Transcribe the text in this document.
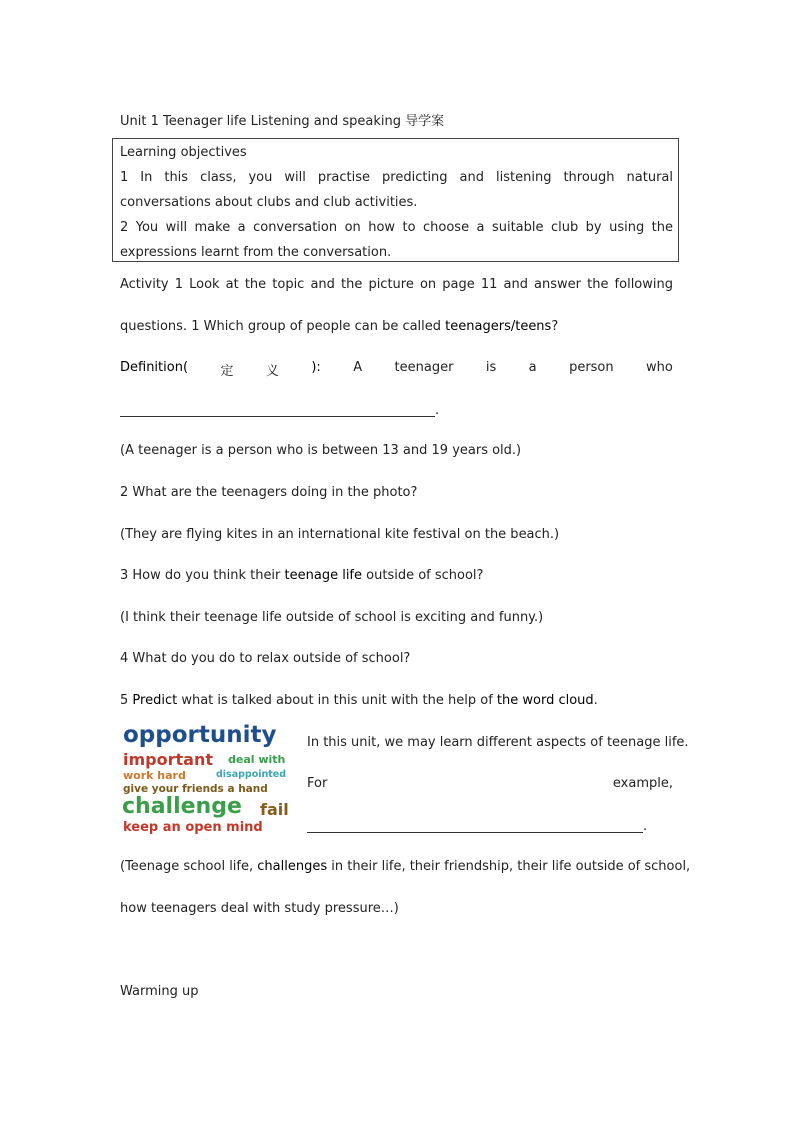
Unit 1 Teenager life Listening and speaking 导学案
Learning objectives
1 In this class, you will practise predicting and listening through natural conversations about clubs and club activities.
2 You will make a conversation on how to choose a suitable club by using the expressions learnt from the conversation.
Activity 1 Look at the topic and the picture on page 11 and answer the following
questions. 1 Which group of people can be called teenagers/teens?
Definition( 定 义 ): A teenager is a person who
.
(A teenager is a person who is between 13 and 19 years old.)
2 What are the teenagers doing in the photo?
(They are flying kites in an international kite festival on the beach.)
3 How do you think their teenage life outside of school?
(I think their teenage life outside of school is exciting and funny.)
4 What do you do to relax outside of school?
5 Predict what is talked about in this unit with the help of the word cloud.
opportunity
important deal with
work hard	disappointed
give your friends a hand
challenge fail
keep an open mind
In this unit, we may learn different aspects of teenage life.
For	example,
.
(Teenage school life, challenges in their life, their friendship, their life outside of school,
how teenagers deal with study pressure…)
Warming up
